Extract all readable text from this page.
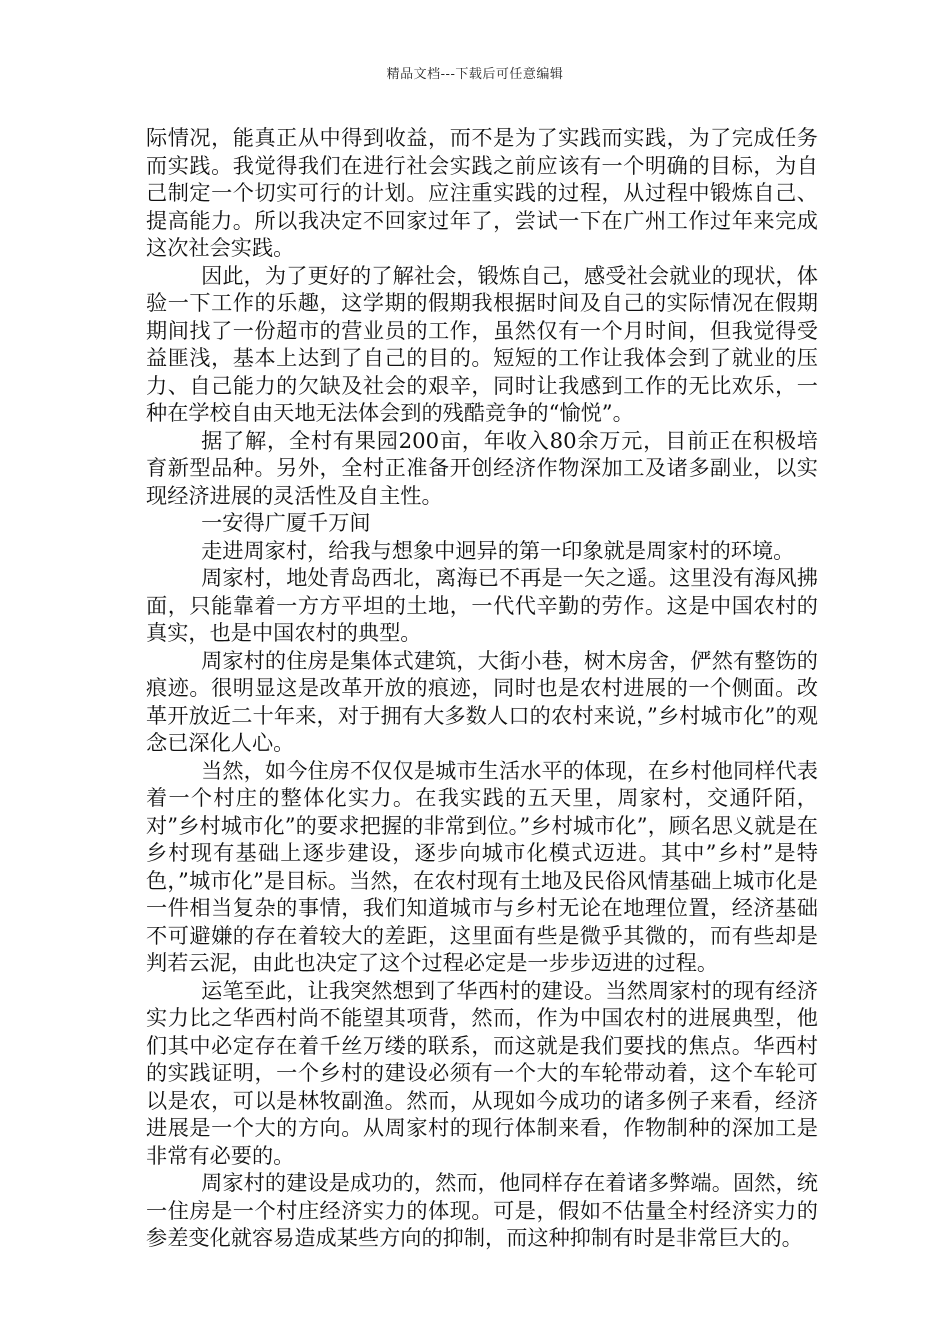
精品文档---下载后可任意编辑

际情况，能真正从中得到收益，而不是为了实践而实践，为了完成任务而实践。我觉得我们在进行社会实践之前应该有一个明确的目标，为自己制定一个切实可行的计划。应注重实践的过程，从过程中锻炼自己、提高能力。所以我决定不回家过年了，尝试一下在广州工作过年来完成这次社会实践。

因此，为了更好的了解社会，锻炼自己，感受社会就业的现状，体验一下工作的乐趣，这学期的假期我根据时间及自己的实际情况在假期期间找了一份超市的营业员的工作，虽然仅有一个月时间，但我觉得受益匪浅，基本上达到了自己的目的。短短的工作让我体会到了就业的压力、自己能力的欠缺及社会的艰辛，同时让我感到工作的无比欢乐，一种在学校自由天地无法体会到的残酷竞争的“愉悦”。

据了解，全村有果园200亩，年收入80余万元，目前正在积极培育新型品种。另外，全村正准备开创经济作物深加工及诸多副业，以实现经济进展的灵活性及自主性。

一安得广厦千万间

走进周家村，给我与想象中迥异的第一印象就是周家村的环境。

周家村，地处青岛西北，离海已不再是一矢之遥。这里没有海风拂面，只能靠着一方方平坦的土地，一代代辛勤的劳作。这是中国农村的真实，也是中国农村的典型。

周家村的住房是集体式建筑，大街小巷，树木房舍，俨然有整饬的痕迹。很明显这是改革开放的痕迹，同时也是农村进展的一个侧面。改革开放近二十年来，对于拥有大多数人口的农村来说，”乡村城市化”的观念已深化人心。

当然，如今住房不仅仅是城市生活水平的体现，在乡村他同样代表着一个村庄的整体化实力。在我实践的五天里，周家村，交通阡陌，对”乡村城市化”的要求把握的非常到位。”乡村城市化”，顾名思义就是在乡村现有基础上逐步建设，逐步向城市化模式迈进。其中”乡村”是特色，”城市化”是目标。当然，在农村现有土地及民俗风情基础上城市化是一件相当复杂的事情，我们知道城市与乡村无论在地理位置，经济基础不可避嫌的存在着较大的差距，这里面有些是微乎其微的，而有些却是判若云泥，由此也决定了这个过程必定是一步步迈进的过程。

运笔至此，让我突然想到了华西村的建设。当然周家村的现有经济实力比之华西村尚不能望其项背，然而，作为中国农村的进展典型，他们其中必定存在着千丝万缕的联系，而这就是我们要找的焦点。华西村的实践证明，一个乡村的建设必须有一个大的车轮带动着，这个车轮可以是农，可以是林牧副渔。然而，从现如今成功的诸多例子来看，经济进展是一个大的方向。从周家村的现行体制来看，作物制种的深加工是非常有必要的。

周家村的建设是成功的，然而，他同样存在着诸多弊端。固然，统一住房是一个村庄经济实力的体现。可是，假如不估量全村经济实力的参差变化就容易造成某些方向的抑制，而这种抑制有时是非常巨大的。
